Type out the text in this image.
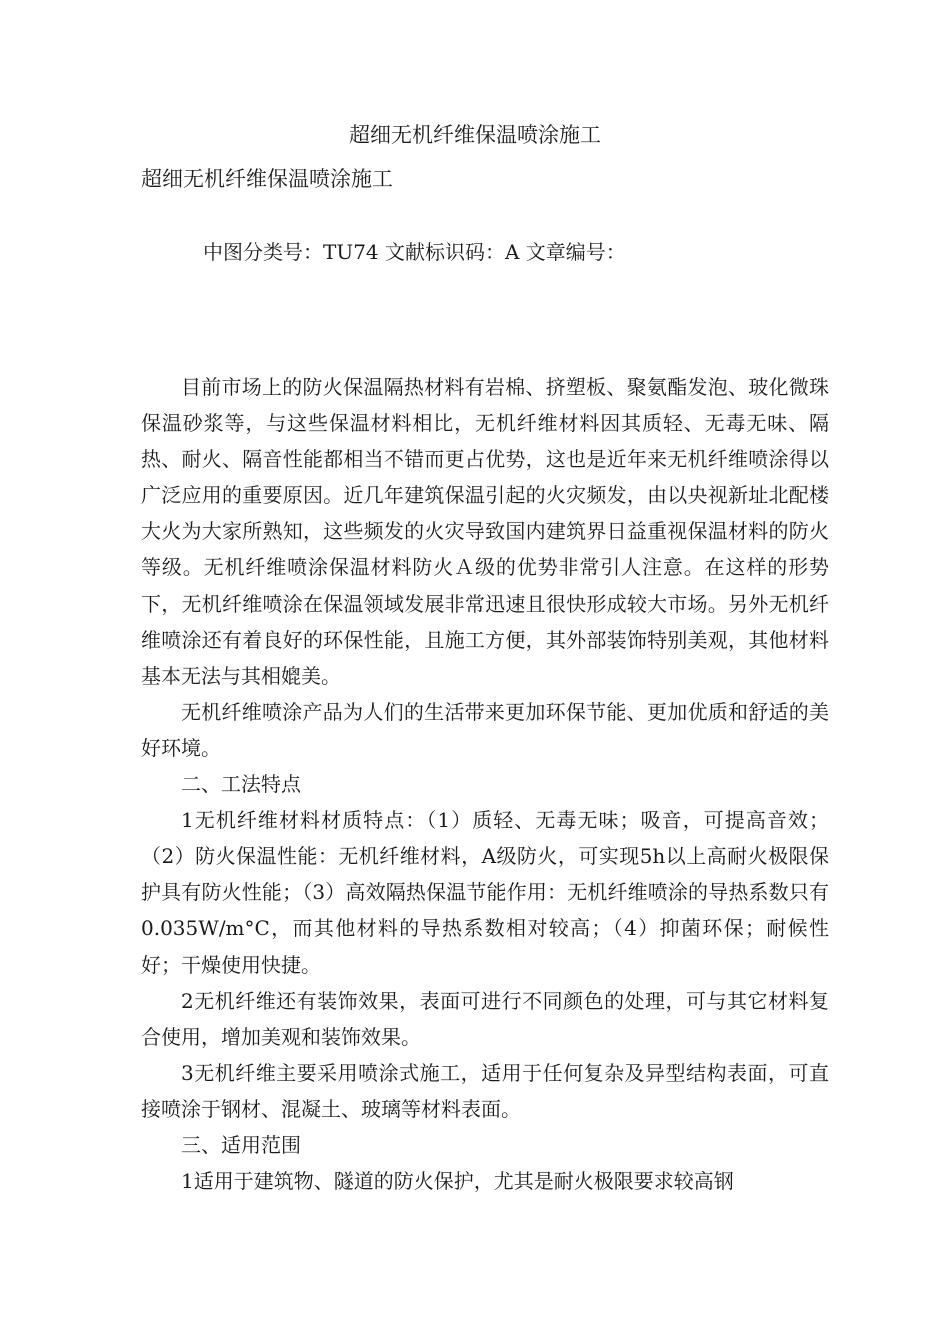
超细无机纤维保温喷涂施工
超细无机纤维保温喷涂施工
中图分类号：TU74 文献标识码：A 文章编号：

目前市场上的防火保温隔热材料有岩棉、挤塑板、聚氨酯发泡、玻化微珠保温砂浆等，与这些保温材料相比，无机纤维材料因其质轻、无毒无味、隔热、耐火、隔音性能都相当不错而更占优势，这也是近年来无机纤维喷涂得以广泛应用的重要原因。近几年建筑保温引起的火灾频发，由以央视新址北配楼大火为大家所熟知，这些频发的火灾导致国内建筑界日益重视保温材料的防火等级。无机纤维喷涂保温材料防火Ａ级的优势非常引人注意。在这样的形势下，无机纤维喷涂在保温领域发展非常迅速且很快形成较大市场。另外无机纤维喷涂还有着良好的环保性能，且施工方便，其外部装饰特别美观，其他材料基本无法与其相媲美。

无机纤维喷涂产品为人们的生活带来更加环保节能、更加优质和舒适的美好环境。

二、工法特点

1无机纤维材料材质特点：（1）质轻、无毒无味；吸音，可提高音效；（2）防火保温性能：无机纤维材料，A级防火，可实现5h以上高耐火极限保护具有防火性能；（3）高效隔热保温节能作用：无机纤维喷涂的导热系数只有0.035W/m°C，而其他材料的导热系数相对较高；（4）抑菌环保；耐候性好；干燥使用快捷。

2无机纤维还有装饰效果，表面可进行不同颜色的处理，可与其它材料复合使用，增加美观和装饰效果。

3无机纤维主要采用喷涂式施工，适用于任何复杂及异型结构表面，可直接喷涂于钢材、混凝土、玻璃等材料表面。

三、适用范围

1适用于建筑物、隧道的防火保护，尤其是耐火极限要求较高钢
